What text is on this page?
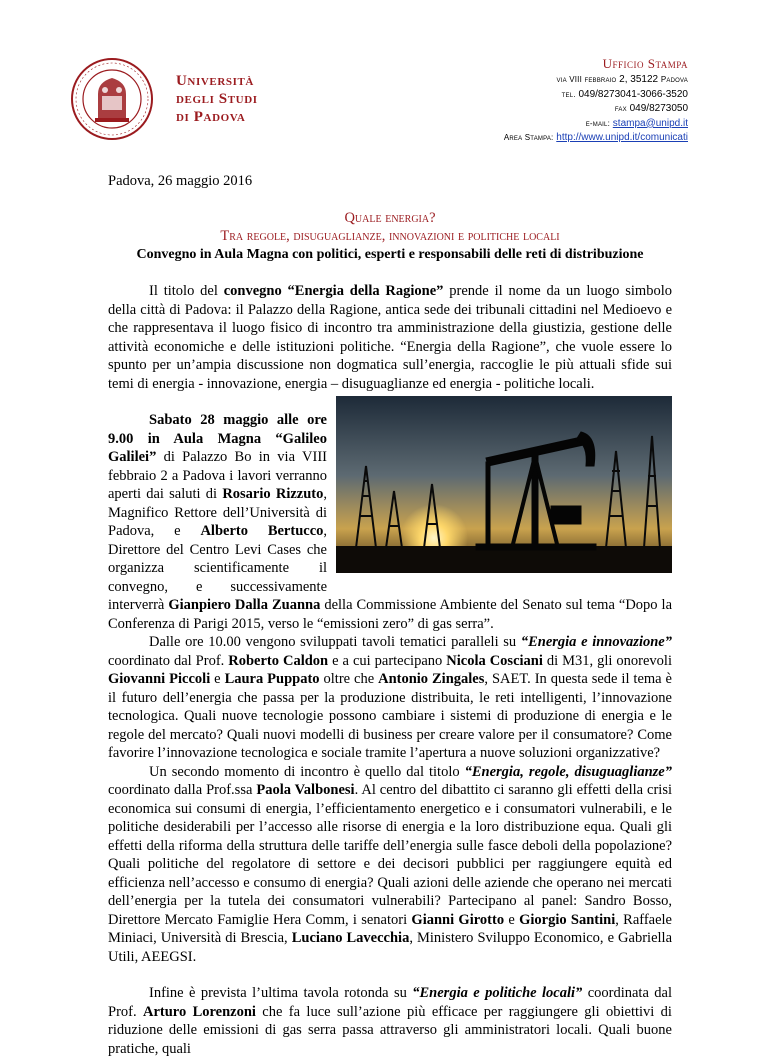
Università
degli Studi
di Padova
Ufficio Stampa
via VIII febbraio 2, 35122 Padova
tel. 049/8273041-3066-3520
fax 049/8273050
e-mail: stampa@unipd.it
Area Stampa: http://www.unipd.it/comunicati

Padova, 26 maggio 2016

Quale energia?
Tra regole, disuguaglianze, innovazioni e politiche locali
Convegno in Aula Magna con politici, esperti e responsabili delle reti di distribuzione

Il titolo del convegno “Energia della Ragione” prende il nome da un luogo simbolo della città di Padova: il Palazzo della Ragione, antica sede dei tribunali cittadini nel Medioevo e che rappresentava il luogo fisico di incontro tra amministrazione della giustizia, gestione delle attività economiche e delle istituzioni politiche. “Energia della Ragione”, che vuole essere lo spunto per un’ampia discussione non dogmatica sull’energia, raccoglie le più attuali sfide sui temi di energia - innovazione, energia – disuguaglianze ed energia - politiche locali.

Sabato 28 maggio alle ore 9.00 in Aula Magna “Galileo Galilei” di Palazzo Bo in via VIII febbraio 2 a Padova i lavori verranno aperti dai saluti di Rosario Rizzuto, Magnifico Rettore dell’Università di Padova, e Alberto Bertucco, Direttore del Centro Levi Cases che organizza scientificamente il convegno, e successivamente interverrà Gianpiero Dalla Zuanna della Commissione Ambiente del Senato sul tema “Dopo la Conferenza di Parigi 2015, verso le “emissioni zero” di gas serra”.

Dalle ore 10.00 vengono sviluppati tavoli tematici paralleli su “Energia e innovazione” coordinato dal Prof. Roberto Caldon e a cui partecipano Nicola Cosciani di M31, gli onorevoli Giovanni Piccoli e Laura Puppato oltre che Antonio Zingales, SAET. In questa sede il tema è il futuro dell’energia che passa per la produzione distribuita, le reti intelligenti, l’innovazione tecnologica. Quali nuove tecnologie possono cambiare i sistemi di produzione di energia e le regole del mercato? Quali nuovi modelli di business per creare valore per il consumatore? Come favorire l’innovazione tecnologica e sociale tramite l’apertura a nuove soluzioni organizzative?

Un secondo momento di incontro è quello dal titolo “Energia, regole, disuguaglianze” coordinato dalla Prof.ssa Paola Valbonesi. Al centro del dibattito ci saranno gli effetti della crisi economica sui consumi di energia, l’efficientamento energetico e i consumatori vulnerabili, e le politiche desiderabili per l’accesso alle risorse di energia e la loro distribuzione equa. Quali gli effetti della riforma della struttura delle tariffe dell’energia sulle fasce deboli della popolazione? Quali politiche del regolatore di settore e dei decisori pubblici per raggiungere equità ed efficienza nell’accesso e consumo di energia? Quali azioni delle aziende che operano nei mercati dell’energia per la tutela dei consumatori vulnerabili? Partecipano al panel: Sandro Bosso, Direttore Mercato Famiglie Hera Comm, i senatori Gianni Girotto e Giorgio Santini, Raffaele Miniaci, Università di Brescia, Luciano Lavecchia, Ministero Sviluppo Economico, e Gabriella Utili, AEEGSI.

Infine è prevista l’ultima tavola rotonda su “Energia e politiche locali” coordinata dal Prof. Arturo Lorenzoni che fa luce sull’azione più efficace per raggiungere gli obiettivi di riduzione delle emissioni di gas serra passa attraverso gli amministratori locali. Quali buone pratiche, quali
